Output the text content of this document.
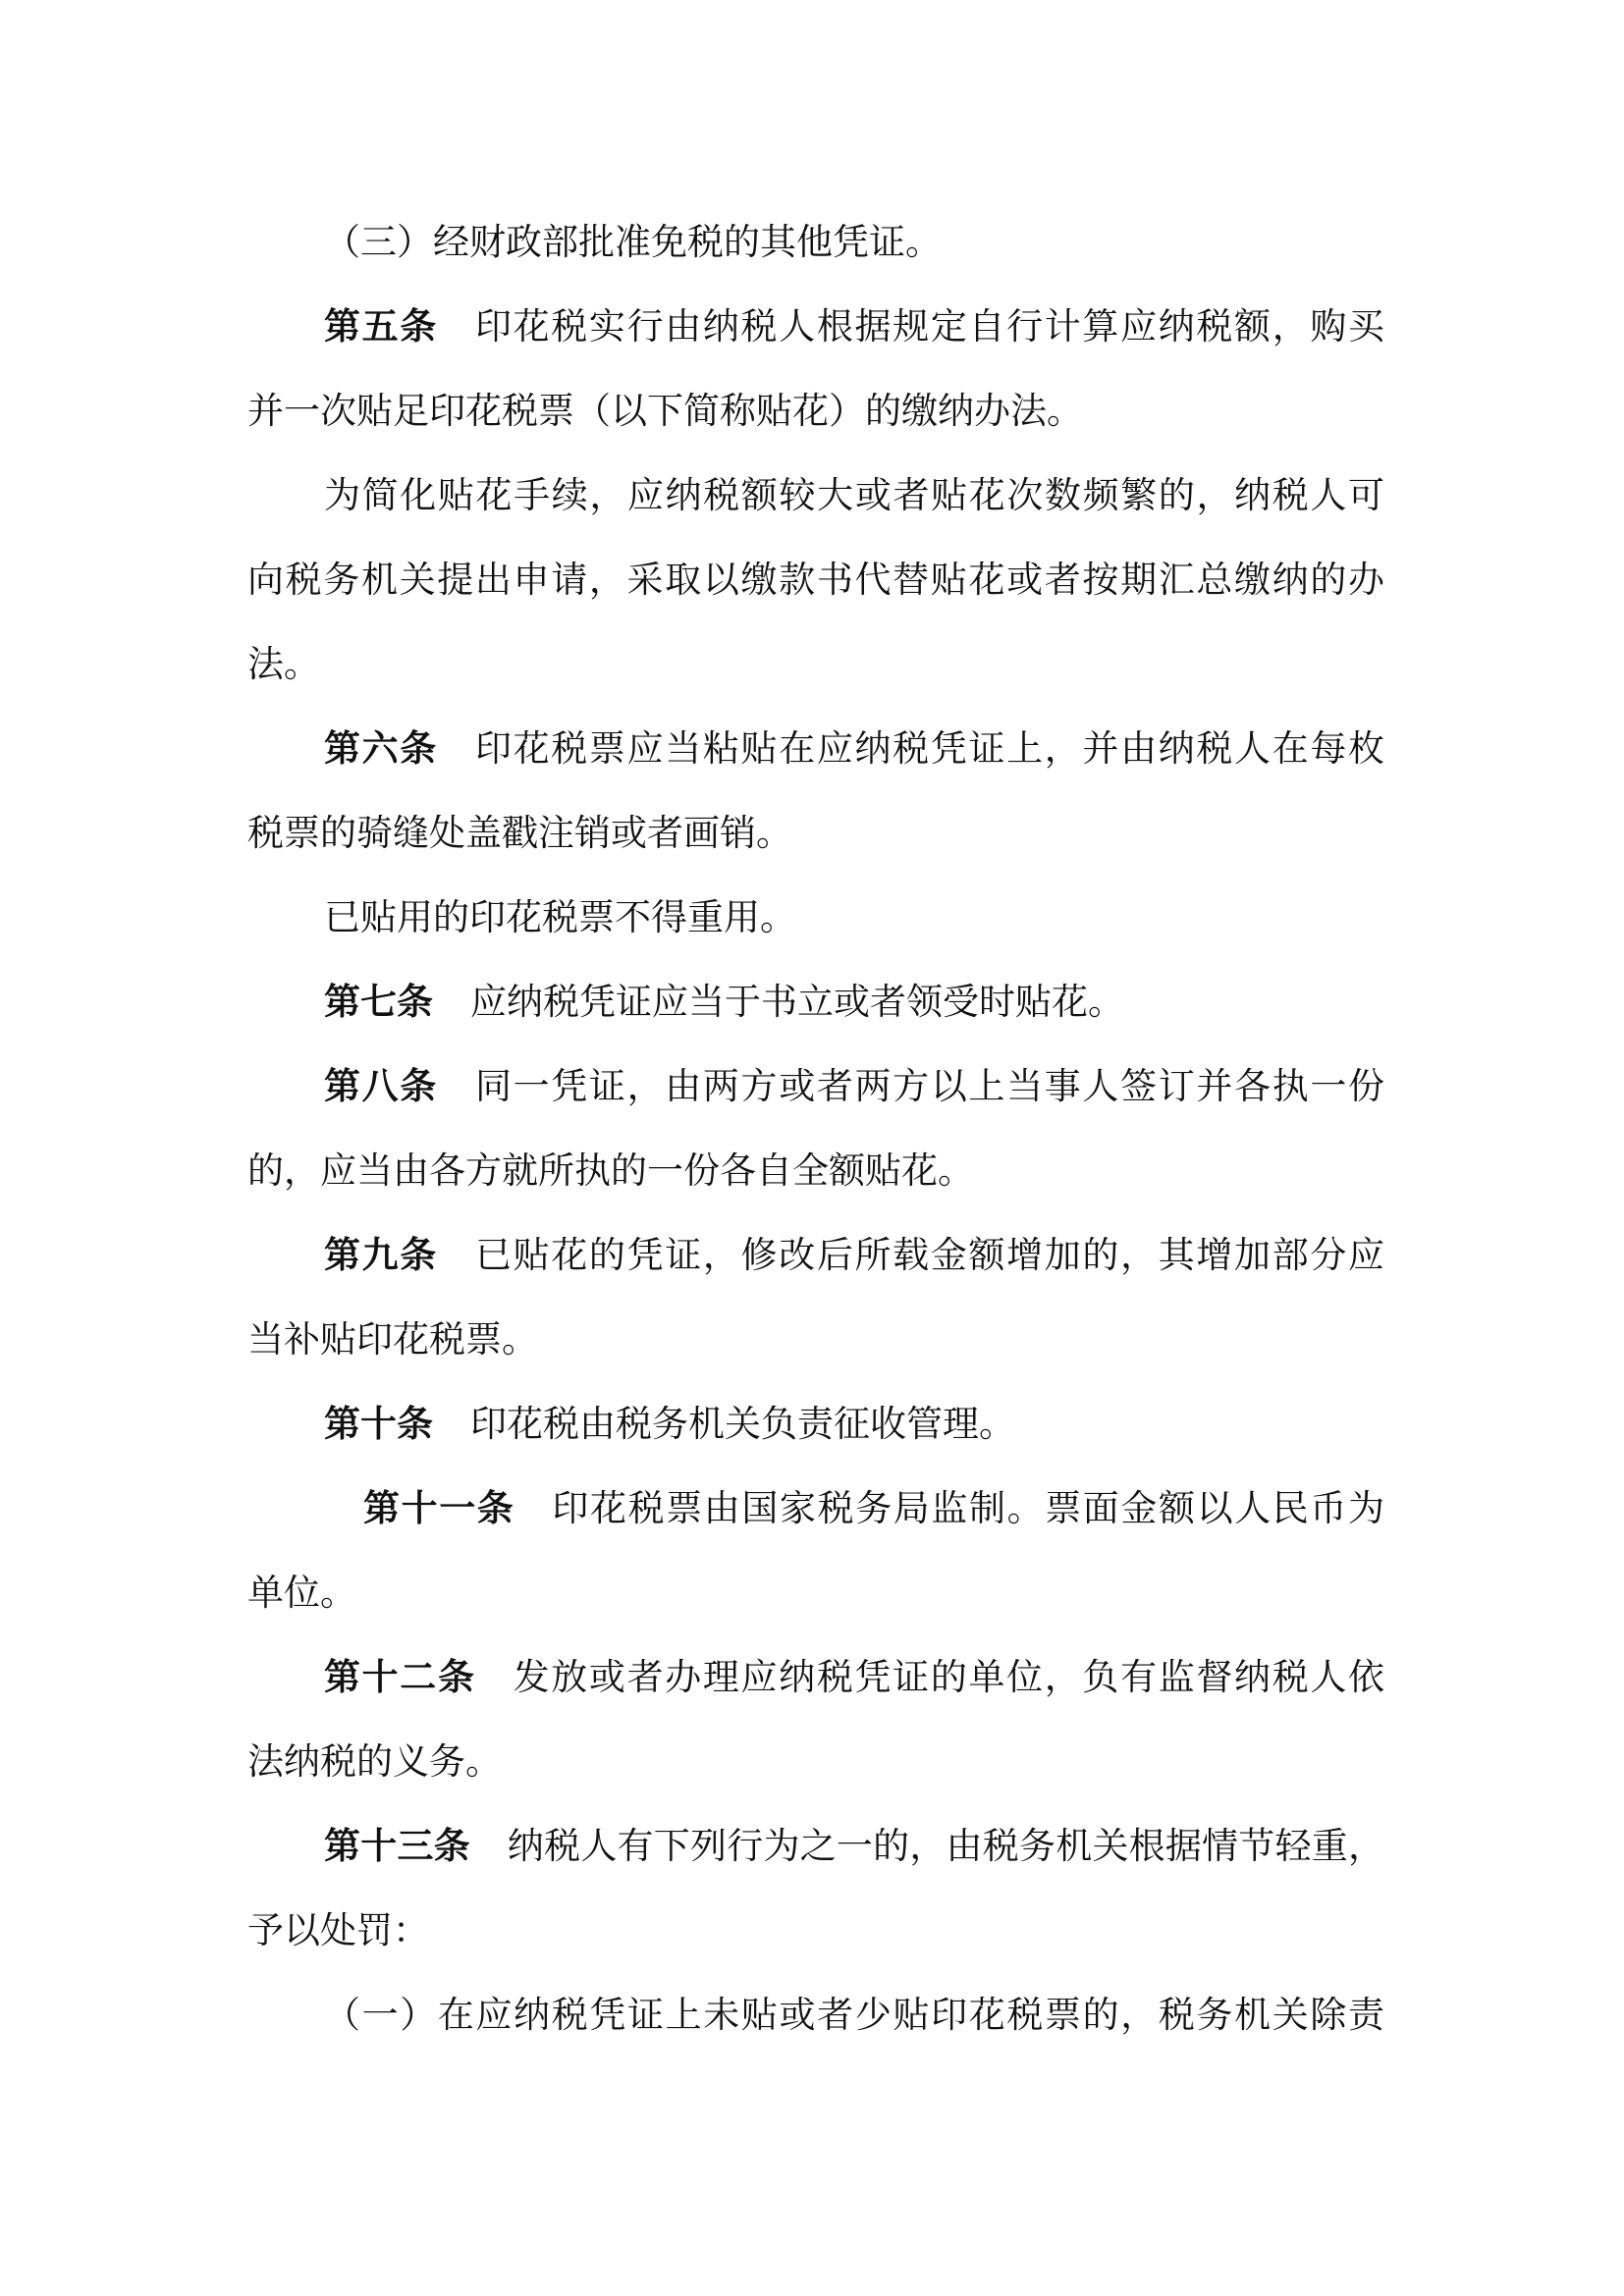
（三）经财政部批准免税的其他凭证。
第五条 印花税实行由纳税人根据规定自行计算应纳税额，购买
并一次贴足印花税票（以下简称贴花）的缴纳办法。
为简化贴花手续，应纳税额较大或者贴花次数频繁的，纳税人可
向税务机关提出申请，采取以缴款书代替贴花或者按期汇总缴纳的办
法。
第六条 印花税票应当粘贴在应纳税凭证上，并由纳税人在每枚
税票的骑缝处盖戳注销或者画销。
已贴用的印花税票不得重用。
第七条 应纳税凭证应当于书立或者领受时贴花。
第八条 同一凭证，由两方或者两方以上当事人签订并各执一份
的，应当由各方就所执的一份各自全额贴花。
第九条 已贴花的凭证，修改后所载金额增加的，其增加部分应
当补贴印花税票。
第十条 印花税由税务机关负责征收管理。
第十一条 印花税票由国家税务局监制。票面金额以人民币为
单位。
第十二条 发放或者办理应纳税凭证的单位，负有监督纳税人依
法纳税的义务。
第十三条 纳税人有下列行为之一的，由税务机关根据情节轻重，
予以处罚：
（一）在应纳税凭证上未贴或者少贴印花税票的，税务机关除责
